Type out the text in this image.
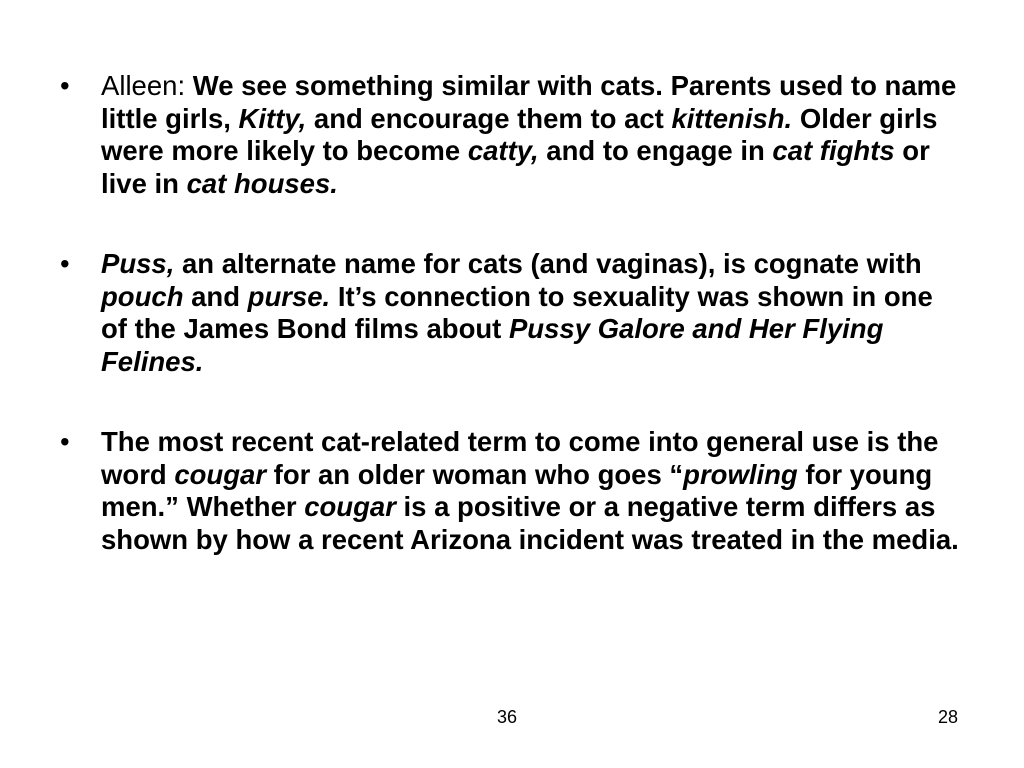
• Alleen: We see something similar with cats. Parents used to name little girls, Kitty, and encourage them to act kittenish. Older girls were more likely to become catty, and to engage in cat fights or live in cat houses.
• Puss, an alternate name for cats (and vaginas), is cognate with pouch and purse. It’s connection to sexuality was shown in one of the James Bond films about Pussy Galore and Her Flying Felines.
• The most recent cat-related term to come into general use is the word cougar for an older woman who goes “prowling for young men.” Whether cougar is a positive or a negative term differs as shown by how a recent Arizona incident was treated in the media.
36	28
